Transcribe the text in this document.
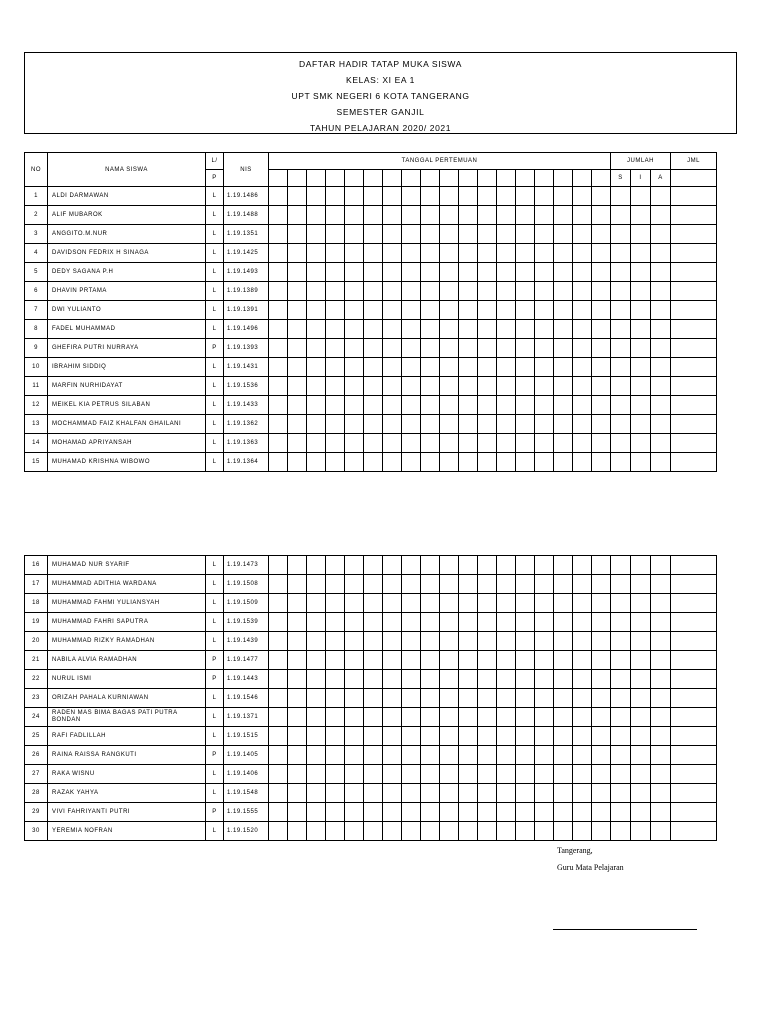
DAFTAR HADIR TATAP MUKA SISWA
KELAS: XI EA 1
UPT SMK NEGERI 6 KOTA TANGERANG
SEMESTER GANJIL
TAHUN PELAJARAN 2020/ 2021
NO	NAMA SISWA	L/	NIS	TANGGAL PERTEMUAN																		JUMLAH			JML
		P																				S	I	A	
1	ALDI DARMAWAN	L	1.19.1486																						
2	ALIF MUBAROK	L	1.19.1488																						
3	ANGGITO.M.NUR	L	1.19.1351																						
4	DAVIDSON FEDRIX H SINAGA	L	1.19.1425																						
5	DEDY SAGANA P.H	L	1.19.1493																						
6	DHAVIN PRTAMA	L	1.19.1389																						
7	DWI YULIANTO	L	1.19.1391																						
8	FADEL MUHAMMAD	L	1.19.1496																						
9	GHEFIRA PUTRI NURRAYA	P	1.19.1393																						
10	IBRAHIM SIDDIQ	L	1.19.1431																						
11	MARFIN NURHIDAYAT	L	1.19.1536																						
12	MEIKEL KIA PETRUS SILABAN	L	1.19.1433																						
13	MOCHAMMAD FAIZ KHALFAN GHAILANI	L	1.19.1362																						
14	MOHAMAD APRIYANSAH	L	1.19.1363																						
15	MUHAMAD KRISHNA WIBOWO	L	1.19.1364																						
16	MUHAMAD NUR SYARIF	L	1.19.1473																						
17	MUHAMMAD ADITHIA WARDANA	L	1.19.1508																						
18	MUHAMMAD FAHMI YULIANSYAH	L	1.19.1509																						
19	MUHAMMAD FAHRI SAPUTRA	L	1.19.1539																						
20	MUHAMMAD RIZKY RAMADHAN	L	1.19.1439																						
21	NABILA ALVIA RAMADHAN	P	1.19.1477																						
22	NURUL ISMI	P	1.19.1443																						
23	ORIZAH PAHALA KURNIAWAN	L	1.19.1546																						
24	RADEN MAS BIMA BAGAS PATI PUTRA BONDAN	L	1.19.1371																						
25	RAFI FADLILLAH	L	1.19.1515																						
26	RAINA RAISSA RANGKUTI	P	1.19.1405																						
27	RAKA WISNU	L	1.19.1406																						
28	RAZAK YAHYA	L	1.19.1548																						
29	VIVI FAHRIYANTI PUTRI	P	1.19.1555																						
30	YEREMIA NOFRAN	L	1.19.1520																						
Tangerang,
Guru Mata Pelajaran
